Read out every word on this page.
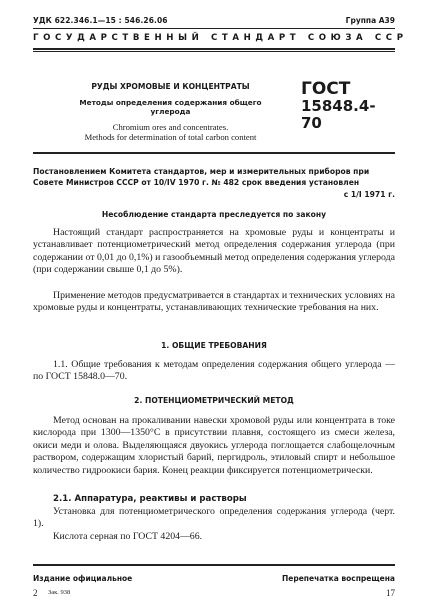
УДК 622.346.1—15 : 546.26.06	Группа А39
ГОСУДАРСТВЕННЫЙ СТАНДАРТ СОЮЗА ССР

РУДЫ ХРОМОВЫЕ И КОНЦЕНТРАТЫ

Методы определения содержания общего углерода

Chromium ores and concentrates.
Methods for determination of total carbon content

ГОСТ
15848.4-70
Постановлением Комитета стандартов, мер и измерительных приборов при
Совете Министров СССР от 10/IV 1970 г. № 482 срок введения установлен
с 1/I 1971 г.
Несоблюдение стандарта преследуется по закону

Настоящий стандарт распространяется на хромовые руды и концентраты и устанавливает потенциометрический метод определения содержания углерода (при содержании от 0,01 до 0,1%) и газообъемный метод определения содержания углерода (при содержании свыше 0,1 до 5%).

Применение методов предусматривается в стандартах и технических условиях на хромовые руды и концентраты, устанавливающих технические требования на них.

1. ОБЩИЕ ТРЕБОВАНИЯ

1.1. Общие требования к методам определения содержания общего углерода — по ГОСТ 15848.0—70.

2. ПОТЕНЦИОМЕТРИЧЕСКИЙ МЕТОД

Метод основан на прокаливании навески хромовой руды или концентрата в токе кислорода при 1300—1350°С в присутствии плавня, состоящего из смеси железа, окиси меди и олова. Выделяющаяся двуокись углерода поглощается слабощелочным раствором, содержащим хлористый барий, пергидроль, этиловый спирт и небольшое количество гидроокиси бария. Конец реакции фиксируется потенциометрически.

2.1. Аппаратура, реактивы и растворы

Установка для потенциометрического определения содержания углерода (черт. 1).

Кислота серная по ГОСТ 4204—66.

Издание официальное	Перепечатка воспрещена
2 Зак. 938	17
